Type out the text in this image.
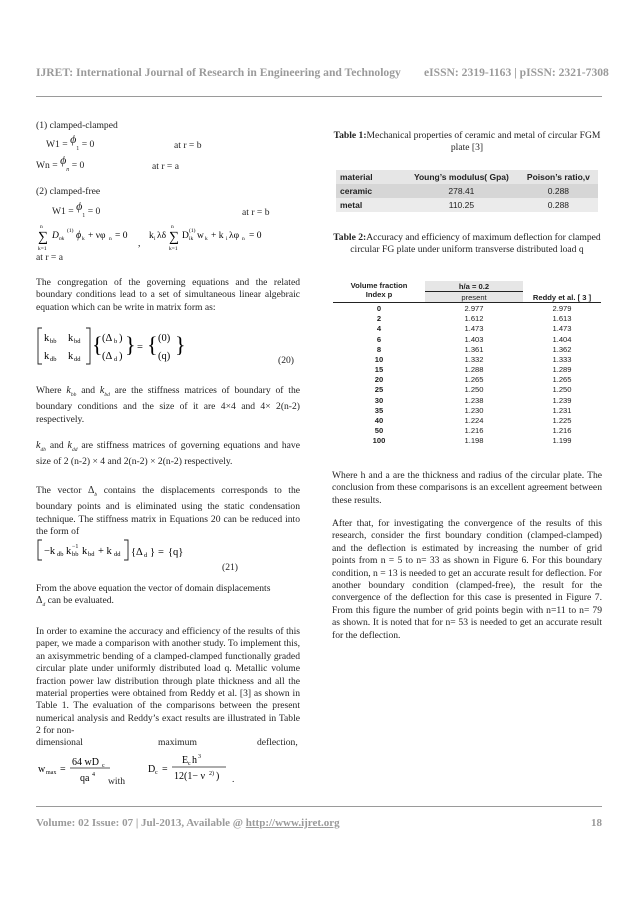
IJRET: International Journal of Research in Engineering and Technology eISSN: 2319-1163 | pISSN: 2321-7308
(1) clamped-clamped
$W1 = \phi_1 = 0$	at r = b
$Wn = \phi_n = 0$	at r = a
(2) clamped-free
$W1 = \phi_1 = 0$	at r = b
n
∑
k=1
D nk
(1) ϕ k + νφ n = 0
,
k i λδ
n
∑
k=1
D ik
(1) w k + k i λφ n = 0
at r = a
The congregation of the governing equations and the related boundary conditions lead to a set of simultaneous linear algebraic equation which can be write in matrix form as:
k bb k bd
k db k dd
{ (Δ b )
(Δ d ) } = { (0)
(q) }
(20)
Where $k_{bb}$ and $k_{bd}$ are the stiffness matrices of boundary of the boundary conditions and the size of it are 4×4 and 4× 2(n-2) respectively.
$k_{db}$ and $k_{dd}$ are stiffness matrices of governing equations and have size of 2 (n-2) × 4 and 2(n-2) × 2(n-2) respectively.
The vector $\Delta_b$ contains the displacements corresponds to the boundary points and is eliminated using the static condensation technique. The stiffness matrix in Equations 20 can be reduced into the form of
−k db k −1
bb k bd + k dd {Δ d } = {q}
(21)
From the above equation the vector of domain displacements
$\Delta_d$ can be evaluated.
In order to examine the accuracy and efficiency of the results of this paper, we made a comparison with another study. To implement this, an axisymmetric bending of a clamped-clamped functionally graded circular plate under uniformly distributed load q. Metallic volume fraction power law distribution through plate thickness and all the material properties were obtained from Reddy et al. [3] as shown in Table 1. The evaluation of the comparisons between the present numerical analysis and Reddy’s exact results are illustrated in Table 2 for non-
dimensional	maximum	deflection,
w max =
64 wD c
qa 4	D c =
E c h 3
12(1− ν 2) )
with	.
Table 1:Mechanical properties of ceramic and metal of circular FGM plate [3]
material	Young’s modulus( Gpa)	Poison’s ratio,v
ceramic	278.41	0.288
metal	110.25	0.288
Table 2:Accuracy and efficiency of maximum deflection for clamped circular FG plate under uniform transverse distributed load q
Volume fraction
Index p	h/a = 0.2	Reddy et al. [ 3 ]
	present	
0	2.977	2.979
2	1.612	1.613
4	1.473	1.473
6	1.403	1.404
8	1.361	1.362
10	1.332	1.333
15	1.288	1.289
20	1.265	1.265
25	1.250	1.250
30	1.238	1.239
35	1.230	1.231
40	1.224	1.225
50	1.216	1.216
100	1.198	1.199
Where h and a are the thickness and radius of the circular plate. The conclusion from these comparisons is an excellent agreement between these results.
After that, for investigating the convergence of the results of this research, consider the first boundary condition (clamped-clamped) and the deflection is estimated by increasing the number of grid points from n = 5 to n= 33 as shown in Figure 6. For this boundary condition, n = 13 is needed to get an accurate result for deflection. For another boundary condition (clamped-free), the result for the convergence of the deflection for this case is presented in Figure 7. From this figure the number of grid points begin with n=11 to n= 79 as shown. It is noted that for n= 53 is needed to get an accurate result for the deflection.
Volume: 02 Issue: 07 | Jul-2013, Available @ http://www.ijret.org	18
